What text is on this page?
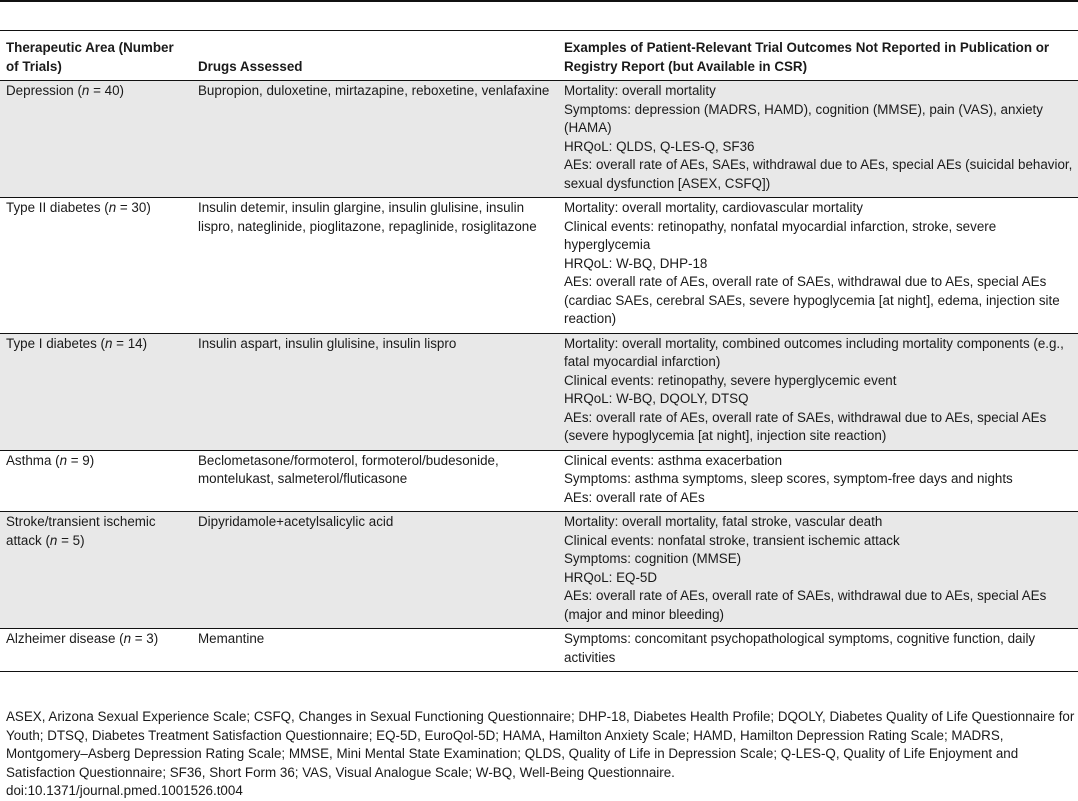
Therapeutic Area (Number of Trials)	Drugs Assessed	Examples of Patient-Relevant Trial Outcomes Not Reported in Publication or Registry Report (but Available in CSR)
Depression (n = 40)	Bupropion, duloxetine, mirtazapine, reboxetine, venlafaxine	Mortality: overall mortality
Symptoms: depression (MADRS, HAMD), cognition (MMSE), pain (VAS), anxiety (HAMA)
HRQoL: QLDS, Q-LES-Q, SF36
AEs: overall rate of AEs, SAEs, withdrawal due to AEs, special AEs (suicidal behavior, sexual dysfunction [ASEX, CSFQ])

Type II diabetes (n = 30)	Insulin detemir, insulin glargine, insulin glulisine, insulin lispro, nateglinide, pioglitazone, repaglinide, rosiglitazone	Mortality: overall mortality, cardiovascular mortality
Clinical events: retinopathy, nonfatal myocardial infarction, stroke, severe hyperglycemia
HRQoL: W-BQ, DHP-18
AEs: overall rate of AEs, overall rate of SAEs, withdrawal due to AEs, special AEs (cardiac SAEs, cerebral SAEs, severe hypoglycemia [at night], edema, injection site reaction)

Type I diabetes (n = 14)	Insulin aspart, insulin glulisine, insulin lispro	Mortality: overall mortality, combined outcomes including mortality components (e.g., fatal myocardial infarction)
Clinical events: retinopathy, severe hyperglycemic event
HRQoL: W-BQ, DQOLY, DTSQ
AEs: overall rate of AEs, overall rate of SAEs, withdrawal due to AEs, special AEs (severe hypoglycemia [at night], injection site reaction)

Asthma (n = 9)	Beclometasone/formoterol, formoterol/budesonide, montelukast, salmeterol/fluticasone	Clinical events: asthma exacerbation
Symptoms: asthma symptoms, sleep scores, symptom-free days and nights
AEs: overall rate of AEs

Stroke/transient ischemic attack (n = 5)	Dipyridamole+acetylsalicylic acid	Mortality: overall mortality, fatal stroke, vascular death
Clinical events: nonfatal stroke, transient ischemic attack
Symptoms: cognition (MMSE)
HRQoL: EQ-5D
AEs: overall rate of AEs, overall rate of SAEs, withdrawal due to AEs, special AEs (major and minor bleeding)

Alzheimer disease (n = 3)	Memantine	Symptoms: concomitant psychopathological symptoms, cognitive function, daily activities
ASEX, Arizona Sexual Experience Scale; CSFQ, Changes in Sexual Functioning Questionnaire; DHP-18, Diabetes Health Profile; DQOLY, Diabetes Quality of Life Questionnaire for Youth; DTSQ, Diabetes Treatment Satisfaction Questionnaire; EQ-5D, EuroQol-5D; HAMA, Hamilton Anxiety Scale; HAMD, Hamilton Depression Rating Scale; MADRS, Montgomery–Asberg Depression Rating Scale; MMSE, Mini Mental State Examination; QLDS, Quality of Life in Depression Scale; Q-LES-Q, Quality of Life Enjoyment and Satisfaction Questionnaire; SF36, Short Form 36; VAS, Visual Analogue Scale; W-BQ, Well-Being Questionnaire.
doi:10.1371/journal.pmed.1001526.t004
